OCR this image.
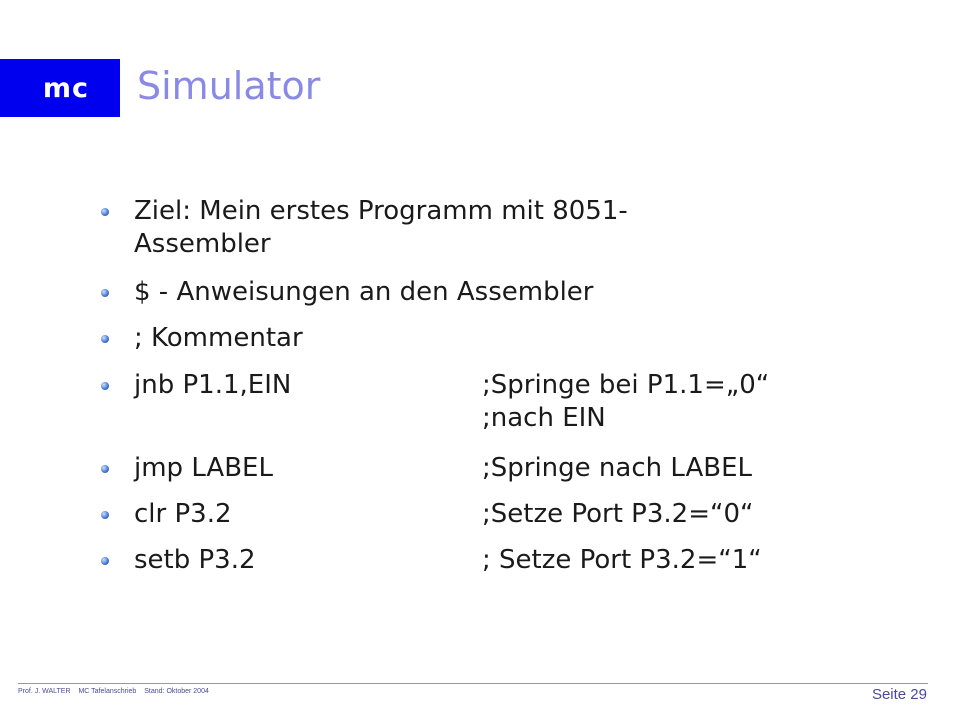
mc Simulator
Ziel: Mein erstes Programm mit 8051-
Assembler
$ - Anweisungen an den Assembler
; Kommentar
jnb P1.1,EIN	;Springe bei P1.1=„0“
;nach EIN
jmp LABEL	;Springe nach LABEL
clr P3.2	;Setze Port P3.2=“0“
setb P3.2	; Setze Port P3.2=“1“
Prof. J. WALTER MC Tafelanschrieb Stand: Oktober 2004	Seite 29
